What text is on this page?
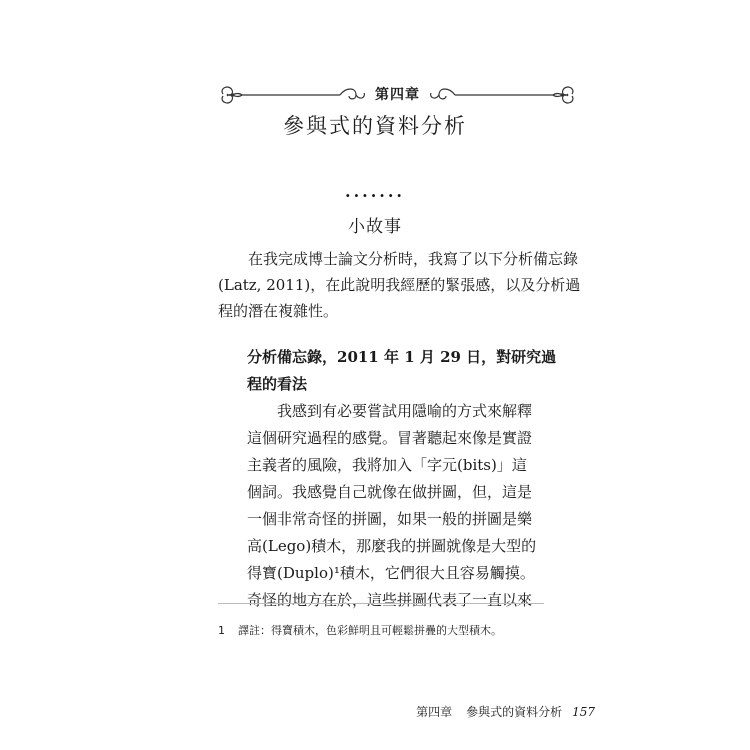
第四章
參與式的資料分析
·······
小故事

在我完成博士論文分析時，我寫了以下分析備忘錄
(Latz, 2011)，在此說明我經歷的緊張感，以及分析過
程的潛在複雜性。

分析備忘錄，2011 年 1 月 29 日，對研究過
程的看法
我感到有必要嘗試用隱喻的方式來解釋
這個研究過程的感覺。冒著聽起來像是實證
主義者的風險，我將加入「字元(bits)」這
個詞。我感覺自己就像在做拼圖，但，這是
一個非常奇怪的拼圖，如果一般的拼圖是樂
高(Lego)積木，那麼我的拼圖就像是大型的
得寶(Duplo)¹積木，它們很大且容易觸摸。
奇怪的地方在於，這些拼圖代表了一直以來
1 譯註：得寶積木，色彩鮮明且可輕鬆拼疊的大型積木。
第四章 參與式的資料分析 157
